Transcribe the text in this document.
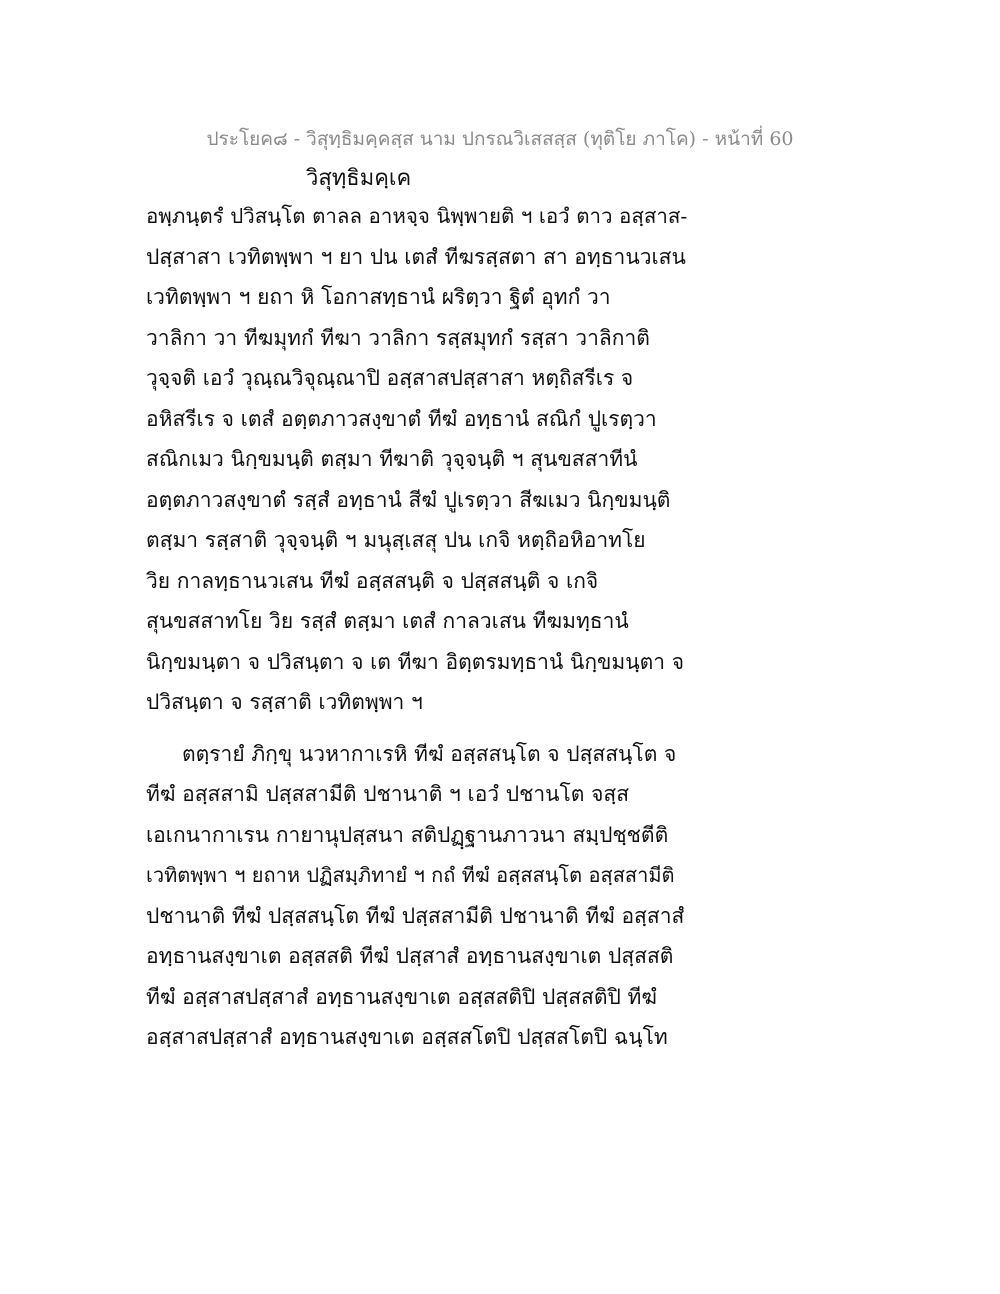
ประโยค๘ - วิสุทฺธิมคฺคสฺส นาม ปกรณวิเสสสฺส (ทุติโย ภาโค) - หน้าที่ 60
วิสุทฺธิมคฺเค
อพฺภนฺตรํ ปวิสนฺโต ตาลล อาหจฺจ นิพฺพายติ ฯ เอวํ ตาว อสฺสาส-
ปสฺสาสา เวทิตพฺพา ฯ ยา ปน เตสํ ทีฆรสฺสตา สา อทฺธานวเสน
เวทิตพฺพา ฯ ยถา หิ โอกาสทฺธานํ ผริตฺวา ฐิตํ อุทกํ วา
วาลิกา วา ทีฆมุทกํ ทีฆา วาลิกา รสฺสมุทกํ รสฺสา วาลิกาติ
วุจฺจติ เอวํ วุณฺณวิจุณฺณาปิ อสฺสาสปสฺสาสา หตฺถิสรีเร จ
อหิสรีเร จ เตสํ อตฺตภาวสงฺขาตํ ทีฆํ อทฺธานํ สณิกํ ปูเรตฺวา
สณิกเมว นิกฺขมนฺติ ตสฺมา ทีฆาติ วุจฺจนฺติ ฯ สุนขสสาทีนํ
อตฺตภาวสงฺขาตํ รสฺสํ อทฺธานํ สีฆํ ปูเรตฺวา สีฆเมว นิกฺขมนฺติ
ตสฺมา รสฺสาติ วุจฺจนฺติ ฯ มนุสฺเสสุ ปน เกจิ หตฺถิอหิอาทโย
วิย กาลทฺธานวเสน ทีฆํ อสฺสสนฺติ จ ปสฺสสนฺติ จ เกจิ
สุนขสสาทโย วิย รสฺสํ ตสฺมา เตสํ กาลวเสน ทีฆมทฺธานํ
นิกฺขมนฺตา จ ปวิสนฺตา จ เต ทีฆา อิตฺตรมทฺธานํ นิกฺขมนฺตา จ
ปวิสนฺตา จ รสฺสาติ เวทิตพฺพา ฯ
ตตฺรายํ ภิกฺขุ นวหากาเรหิ ทีฆํ อสฺสสนฺโต จ ปสฺสสนฺโต จ
ทีฆํ อสฺสสามิ ปสฺสสามีติ ปชานาติ ฯ เอวํ ปชานโต จสฺส
เอเกนากาเรน กายานุปสฺสนา สติปฏฺฐานภาวนา สมฺปชฺชตีติ
เวทิตพฺพา ฯ ยถาห ปฏิสมฺภิทายํ ฯ กถํ ทีฆํ อสฺสสนฺโต อสฺสสามีติ
ปชานาติ ทีฆํ ปสฺสสนฺโต ทีฆํ ปสฺสสามีติ ปชานาติ ทีฆํ อสฺสาสํ
อทฺธานสงฺขาเต อสฺสสติ ทีฆํ ปสฺสาสํ อทฺธานสงฺขาเต ปสฺสสติ
ทีฆํ อสฺสาสปสฺสาสํ อทฺธานสงฺขาเต อสฺสสติปิ ปสฺสสติปิ ทีฆํ
อสฺสาสปสฺสาสํ อทฺธานสงฺขาเต อสฺสสโตปิ ปสฺสสโตปิ ฉนฺโท
